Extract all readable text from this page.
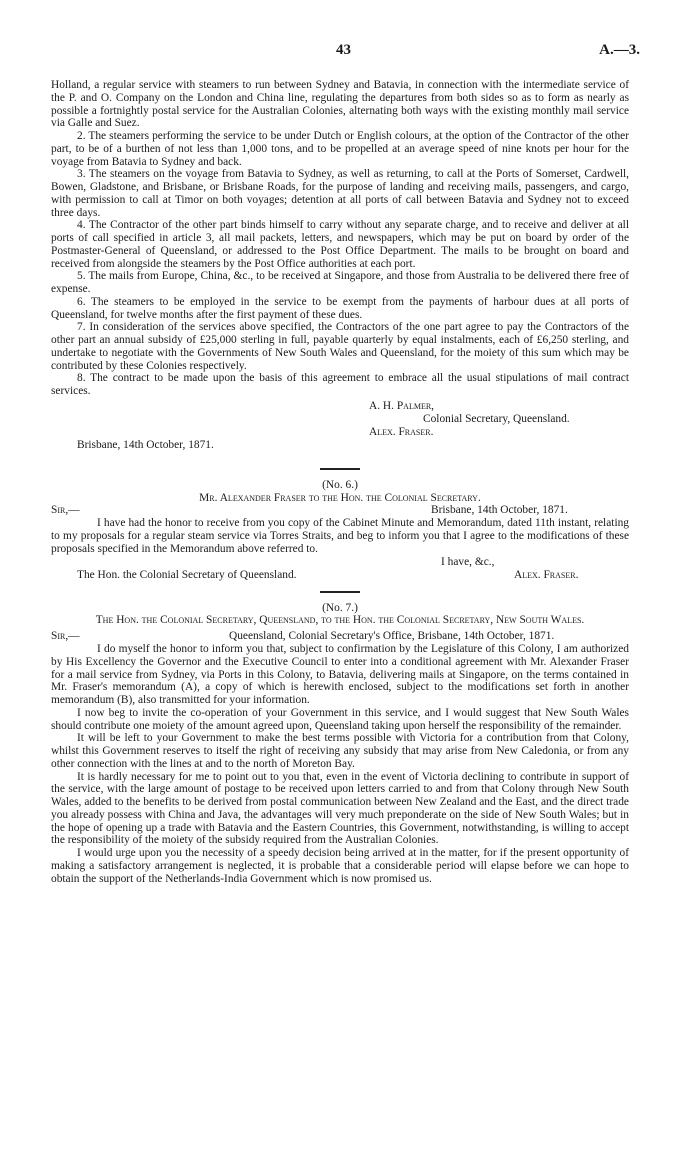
43	A.—3.

Holland, a regular service with steamers to run between Sydney and Batavia, in connection with the intermediate service of the P. and O. Company on the London and China line, regulating the departures from both sides so as to form as nearly as possible a fortnightly postal service for the Australian Colonies, alternating both ways with the existing monthly mail service via Galle and Suez.

2. The steamers performing the service to be under Dutch or English colours, at the option of the Contractor of the other part, to be of a burthen of not less than 1,000 tons, and to be propelled at an average speed of nine knots per hour for the voyage from Batavia to Sydney and back.

3. The steamers on the voyage from Batavia to Sydney, as well as returning, to call at the Ports of Somerset, Cardwell, Bowen, Gladstone, and Brisbane, or Brisbane Roads, for the purpose of landing and receiving mails, passengers, and cargo, with permission to call at Timor on both voyages; detention at all ports of call between Batavia and Sydney not to exceed three days.

4. The Contractor of the other part binds himself to carry without any separate charge, and to receive and deliver at all ports of call specified in article 3, all mail packets, letters, and newspapers, which may be put on board by order of the Postmaster-General of Queensland, or addressed to the Post Office Department. The mails to be brought on board and received from alongside the steamers by the Post Office authorities at each port.

5. The mails from Europe, China, &c., to be received at Singapore, and those from Australia to be delivered there free of expense.

6. The steamers to be employed in the service to be exempt from the payments of harbour dues at all ports of Queensland, for twelve months after the first payment of these dues.

7. In consideration of the services above specified, the Contractors of the one part agree to pay the Contractors of the other part an annual subsidy of £25,000 sterling in full, payable quarterly by equal instalments, each of £6,250 sterling, and undertake to negotiate with the Governments of New South Wales and Queensland, for the moiety of this sum which may be contributed by these Colonies respectively.

8. The contract to be made upon the basis of this agreement to embrace all the usual stipulations of mail contract services.

A. H. Palmer,
Colonial Secretary, Queensland.
Alex. Fraser.
Brisbane, 14th October, 1871.

(No. 6.)

Mr. Alexander Fraser to the Hon. the Colonial Secretary.

Sir,—	Brisbane, 14th October, 1871.

I have had the honor to receive from you copy of the Cabinet Minute and Memorandum, dated 11th instant, relating to my proposals for a regular steam service via Torres Straits, and beg to inform you that I agree to the modifications of these proposals specified in the Memorandum above referred to.

I have, &c.,
The Hon. the Colonial Secretary of Queensland.	Alex. Fraser.

(No. 7.)

The Hon. the Colonial Secretary, Queensland, to the Hon. the Colonial Secretary, New South Wales.

Sir,—	Queensland, Colonial Secretary's Office, Brisbane, 14th October, 1871.

I do myself the honor to inform you that, subject to confirmation by the Legislature of this Colony, I am authorized by His Excellency the Governor and the Executive Council to enter into a conditional agreement with Mr. Alexander Fraser for a mail service from Sydney, via Ports in this Colony, to Batavia, delivering mails at Singapore, on the terms contained in Mr. Fraser's memorandum (A), a copy of which is herewith enclosed, subject to the modifications set forth in another memorandum (B), also transmitted for your information.

I now beg to invite the co-operation of your Government in this service, and I would suggest that New South Wales should contribute one moiety of the amount agreed upon, Queensland taking upon herself the responsibility of the remainder.

It will be left to your Government to make the best terms possible with Victoria for a contribution from that Colony, whilst this Government reserves to itself the right of receiving any subsidy that may arise from New Caledonia, or from any other connection with the lines at and to the north of Moreton Bay.

It is hardly necessary for me to point out to you that, even in the event of Victoria declining to contribute in support of the service, with the large amount of postage to be received upon letters carried to and from that Colony through New South Wales, added to the benefits to be derived from postal communication between New Zealand and the East, and the direct trade you already possess with China and Java, the advantages will very much preponderate on the side of New South Wales; but in the hope of opening up a trade with Batavia and the Eastern Countries, this Government, notwithstanding, is willing to accept the responsibility of the moiety of the subsidy required from the Australian Colonies.

I would urge upon you the necessity of a speedy decision being arrived at in the matter, for if the present opportunity of making a satisfactory arrangement is neglected, it is probable that a considerable period will elapse before we can hope to obtain the support of the Netherlands-India Government which is now promised us.
